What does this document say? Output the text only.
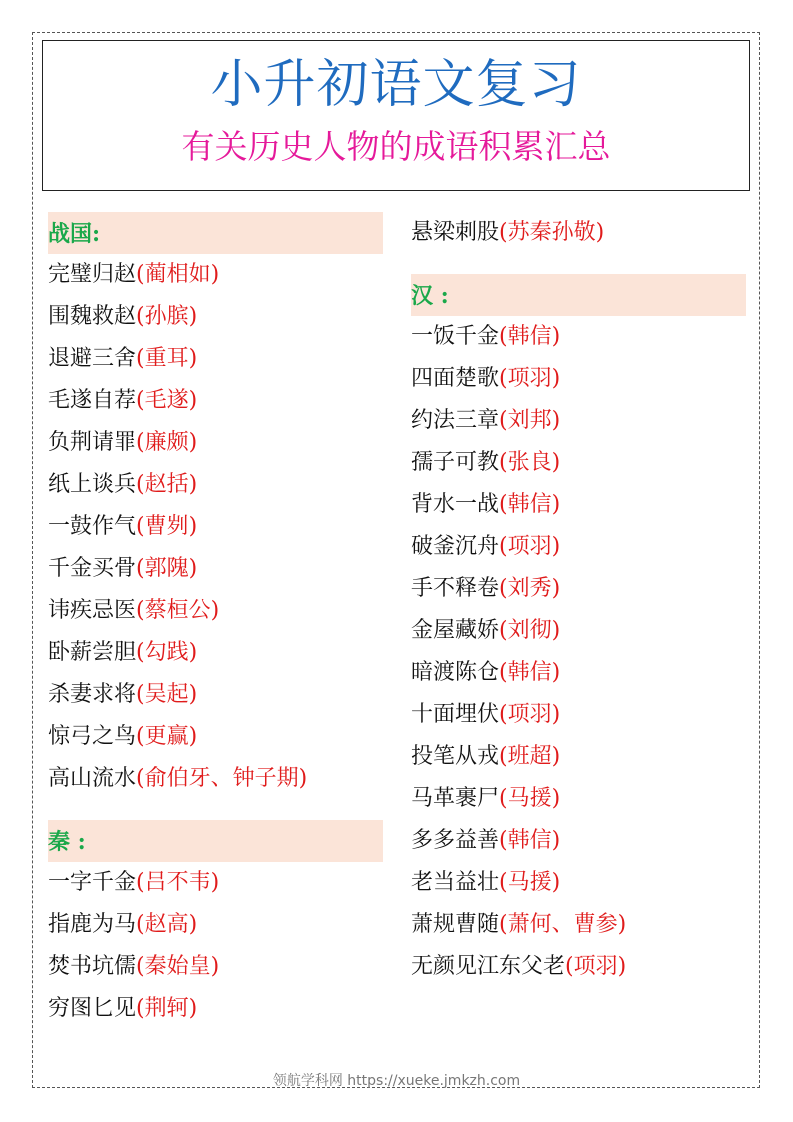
小升初语文复习
有关历史人物的成语积累汇总
战国:
完璧归赵(蔺相如)
围魏救赵(孙膑)
退避三舍(重耳)
毛遂自荐(毛遂)
负荆请罪(廉颇)
纸上谈兵(赵括)
一鼓作气(曹刿)
千金买骨(郭隗)
讳疾忌医(蔡桓公)
卧薪尝胆(勾践)
杀妻求将(吴起)
惊弓之鸟(更赢)
高山流水(俞伯牙、钟子期)
秦 :
一字千金(吕不韦)
指鹿为马(赵高)
焚书坑儒(秦始皇)
穷图匕见(荆轲)
悬梁刺股(苏秦孙敬)
汉 :
一饭千金(韩信)
四面楚歌(项羽)
约法三章(刘邦)
孺子可教(张良)
背水一战(韩信)
破釜沉舟(项羽)
手不释卷(刘秀)
金屋藏娇(刘彻)
暗渡陈仓(韩信)
十面埋伏(项羽)
投笔从戎(班超)
马革裹尸(马援)
多多益善(韩信)
老当益壮(马援)
萧规曹随(萧何、曹参)
无颜见江东父老(项羽)
领航学科网 https://xueke.jmkzh.com
